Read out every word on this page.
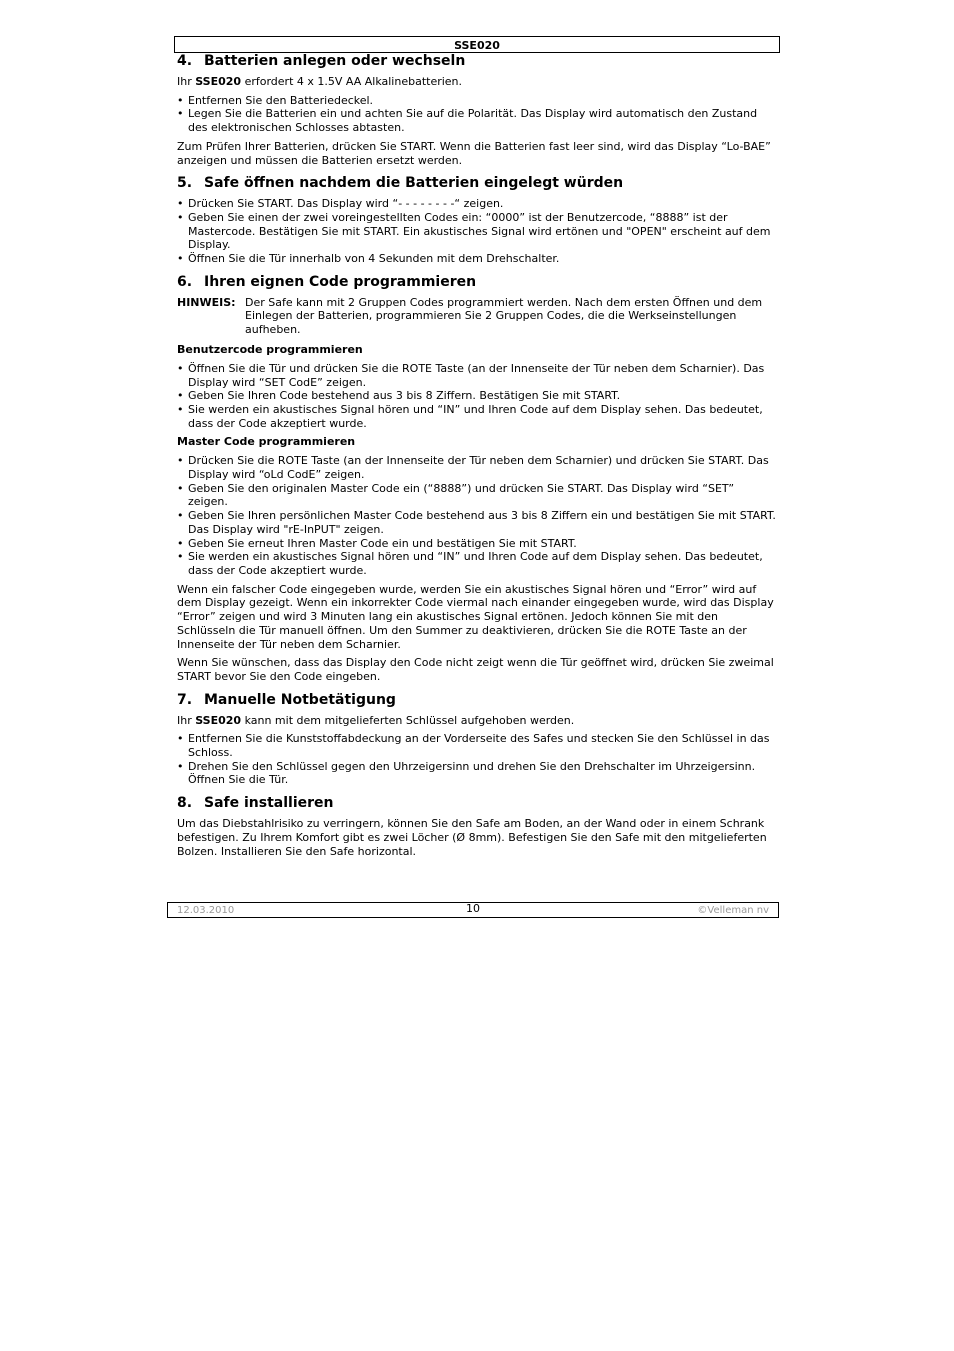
SSE020
4. Batterien anlegen oder wechseln

Ihr SSE020 erfordert 4 x 1.5V AA Alkalinebatterien.

• Entfernen Sie den Batteriedeckel.
• Legen Sie die Batterien ein und achten Sie auf die Polarität. Das Display wird automatisch den Zustand des elektronischen Schlosses abtasten.

Zum Prüfen Ihrer Batterien, drücken Sie START. Wenn die Batterien fast leer sind, wird das Display “Lo-BAE” anzeigen und müssen die Batterien ersetzt werden.

5. Safe öffnen nachdem die Batterien eingelegt würden
• Drücken Sie START. Das Display wird “- - - - - - - -“ zeigen.
• Geben Sie einen der zwei voreingestellten Codes ein: “0000” ist der Benutzercode, “8888” ist der Mastercode. Bestätigen Sie mit START. Ein akustisches Signal wird ertönen und "OPEN" erscheint auf dem Display.
• Öffnen Sie die Tür innerhalb von 4 Sekunden mit dem Drehschalter.
6. Ihren eignen Code programmieren
HINWEIS: Der Safe kann mit 2 Gruppen Codes programmiert werden. Nach dem ersten Öffnen und dem Einlegen der Batterien, programmieren Sie 2 Gruppen Codes, die die Werkseinstellungen aufheben.
Benutzercode programmieren
• Öffnen Sie die Tür und drücken Sie die ROTE Taste (an der Innenseite der Tür neben dem Scharnier). Das Display wird “SET CodE” zeigen.
• Geben Sie Ihren Code bestehend aus 3 bis 8 Ziffern. Bestätigen Sie mit START.
• Sie werden ein akustisches Signal hören und “IN” und Ihren Code auf dem Display sehen. Das bedeutet, dass der Code akzeptiert wurde.
Master Code programmieren
• Drücken Sie die ROTE Taste (an der Innenseite der Tür neben dem Scharnier) und drücken Sie START. Das Display wird “oLd CodE” zeigen.
• Geben Sie den originalen Master Code ein (“8888”) und drücken Sie START. Das Display wird “SET” zeigen.
• Geben Sie Ihren persönlichen Master Code bestehend aus 3 bis 8 Ziffern ein und bestätigen Sie mit START. Das Display wird "rE-InPUT" zeigen.
• Geben Sie erneut Ihren Master Code ein und bestätigen Sie mit START.
• Sie werden ein akustisches Signal hören und “IN” und Ihren Code auf dem Display sehen. Das bedeutet, dass der Code akzeptiert wurde.

Wenn ein falscher Code eingegeben wurde, werden Sie ein akustisches Signal hören und “Error” wird auf dem Display gezeigt. Wenn ein inkorrekter Code viermal nach einander eingegeben wurde, wird das Display “Error” zeigen und wird 3 Minuten lang ein akustisches Signal ertönen. Jedoch können Sie mit den Schlüsseln die Tür manuell öffnen. Um den Summer zu deaktivieren, drücken Sie die ROTE Taste an der Innenseite der Tür neben dem Scharnier.

Wenn Sie wünschen, dass das Display den Code nicht zeigt wenn die Tür geöffnet wird, drücken Sie zweimal START bevor Sie den Code eingeben.

7. Manuelle Notbetätigung

Ihr SSE020 kann mit dem mitgelieferten Schlüssel aufgehoben werden.

• Entfernen Sie die Kunststoffabdeckung an der Vorderseite des Safes und stecken Sie den Schlüssel in das Schloss.
• Drehen Sie den Schlüssel gegen den Uhrzeigersinn und drehen Sie den Drehschalter im Uhrzeigersinn. Öffnen Sie die Tür.
8. Safe installieren

Um das Diebstahlrisiko zu verringern, können Sie den Safe am Boden, an der Wand oder in einem Schrank befestigen. Zu Ihrem Komfort gibt es zwei Löcher (Ø 8mm). Befestigen Sie den Safe mit den mitgelieferten Bolzen. Installieren Sie den Safe horizontal.

12.03.2010	10	©Velleman nv
